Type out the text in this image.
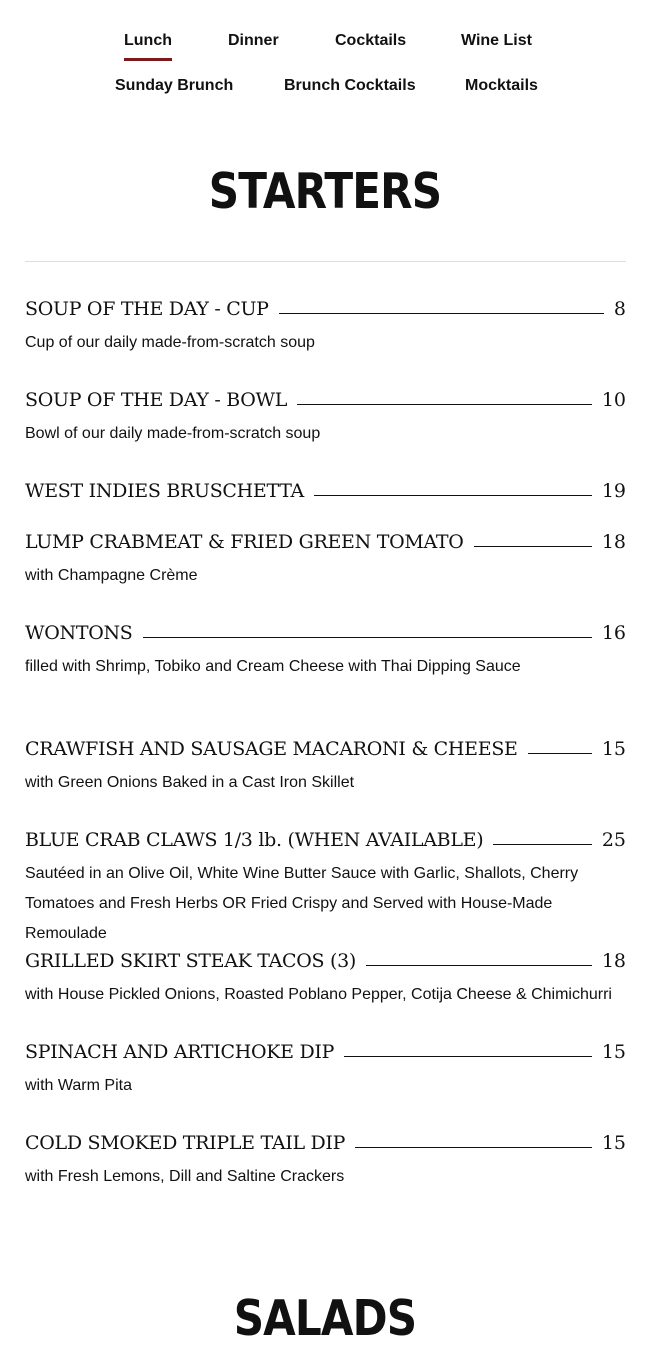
Lunch	Dinner	Cocktails	Wine List
Sunday Brunch	Brunch Cocktails	Mocktails
STARTERS
SOUP OF THE DAY - CUP	8
Cup of our daily made-from-scratch soup
SOUP OF THE DAY - BOWL	10
Bowl of our daily made-from-scratch soup
WEST INDIES BRUSCHETTA	19
LUMP CRABMEAT & FRIED GREEN TOMATO	18
with Champagne Crème
WONTONS	16
filled with Shrimp, Tobiko and Cream Cheese with Thai Dipping Sauce
CRAWFISH AND SAUSAGE MACARONI & CHEESE	15
with Green Onions Baked in a Cast Iron Skillet
BLUE CRAB CLAWS 1/3 lb. (WHEN AVAILABLE)	25
Sautéed in an Olive Oil, White Wine Butter Sauce with Garlic, Shallots, Cherry Tomatoes and Fresh Herbs OR Fried Crispy and Served with House-Made Remoulade
GRILLED SKIRT STEAK TACOS (3)	18
with House Pickled Onions, Roasted Poblano Pepper, Cotija Cheese & Chimichurri
SPINACH AND ARTICHOKE DIP	15
with Warm Pita
COLD SMOKED TRIPLE TAIL DIP	15
with Fresh Lemons, Dill and Saltine Crackers
SALADS
